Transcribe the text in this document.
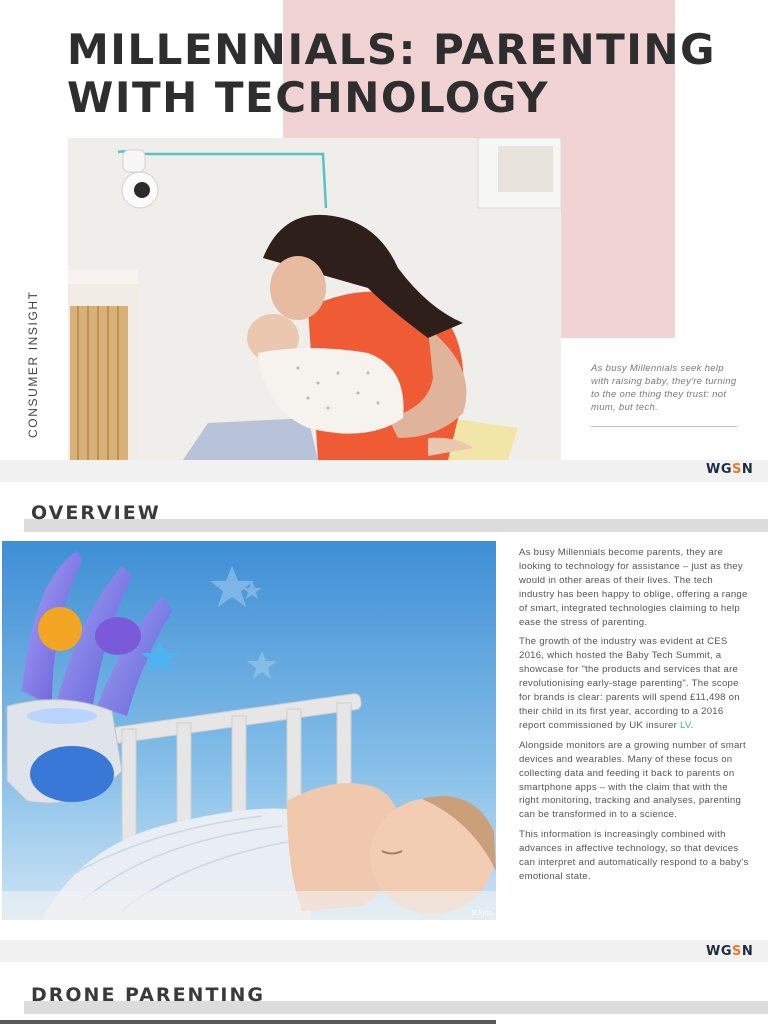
MILLENNIALS: PARENTING
WITH TECHNOLOGY
CONSUMER INSIGHT	As busy Millennials seek help with raising baby, they're turning to the one thing they trust: not mum, but tech.

WGSN
OVERVIEW
B Kids

As busy Millennials become parents, they are looking to technology for assistance – just as they would in other areas of their lives. The tech industry has been happy to oblige, offering a range of smart, integrated technologies claiming to help ease the stress of parenting.

The growth of the industry was evident at CES 2016, which hosted the Baby Tech Summit, a showcase for "the products and services that are revolutionising early-stage parenting". The scope for brands is clear: parents will spend £11,498 on their child in its first year, according to a 2016 report commissioned by UK insurer LV.

Alongside monitors are a growing number of smart devices and wearables. Many of these focus on collecting data and feeding it back to parents on smartphone apps – with the claim that with the right monitoring, tracking and analyses, parenting can be transformed in to a science.

This information is increasingly combined with advances in affective technology, so that devices can interpret and automatically respond to a baby's emotional state.

WGSN
DRONE PARENTING
